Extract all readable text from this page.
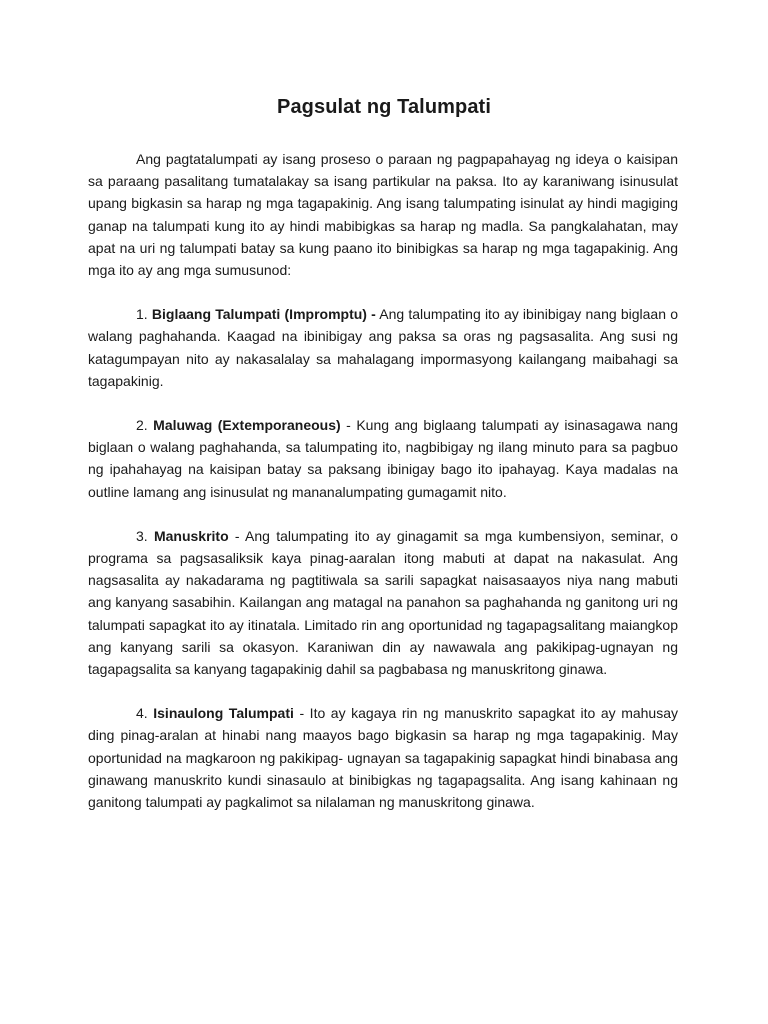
Pagsulat ng Talumpati

Ang pagtatalumpati ay isang proseso o paraan ng pagpapahayag ng ideya o kaisipan sa paraang pasalitang tumatalakay sa isang partikular na paksa. Ito ay karaniwang isinusulat upang bigkasin sa harap ng mga tagapakinig. Ang isang talumpating isinulat ay hindi magiging ganap na talumpati kung ito ay hindi mabibigkas sa harap ng madla. Sa pangkalahatan, may apat na uri ng talumpati batay sa kung paano ito binibigkas sa harap ng mga tagapakinig. Ang mga ito ay ang mga sumusunod:

1. Biglaang Talumpati (Impromptu) - Ang talumpating ito ay ibinibigay nang biglaan o walang paghahanda. Kaagad na ibinibigay ang paksa sa oras ng pagsasalita. Ang susi ng katagumpayan nito ay nakasalalay sa mahalagang impormasyong kailangang maibahagi sa tagapakinig.

2. Maluwag (Extemporaneous) - Kung ang biglaang talumpati ay isinasagawa nang biglaan o walang paghahanda, sa talumpating ito, nagbibigay ng ilang minuto para sa pagbuo ng ipahahayag na kaisipan batay sa paksang ibinigay bago ito ipahayag. Kaya madalas na outline lamang ang isinusulat ng mananalumpating gumagamit nito.

3. Manuskrito - Ang talumpating ito ay ginagamit sa mga kumbensiyon, seminar, o programa sa pagsasaliksik kaya pinag-aaralan itong mabuti at dapat na nakasulat. Ang nagsasalita ay nakadarama ng pagtitiwala sa sarili sapagkat naisasaayos niya nang mabuti ang kanyang sasabihin. Kailangan ang matagal na panahon sa paghahanda ng ganitong uri ng talumpati sapagkat ito ay itinatala. Limitado rin ang oportunidad ng tagapagsalitang maiangkop ang kanyang sarili sa okasyon. Karaniwan din ay nawawala ang pakikipag-ugnayan ng tagapagsalita sa kanyang tagapakinig dahil sa pagbabasa ng manuskritong ginawa.

4. Isinaulong Talumpati - Ito ay kagaya rin ng manuskrito sapagkat ito ay mahusay ding pinag-aralan at hinabi nang maayos bago bigkasin sa harap ng mga tagapakinig. May oportunidad na magkaroon ng pakikipag- ugnayan sa tagapakinig sapagkat hindi binabasa ang ginawang manuskrito kundi sinasaulo at binibigkas ng tagapagsalita. Ang isang kahinaan ng ganitong talumpati ay pagkalimot sa nilalaman ng manuskritong ginawa.
